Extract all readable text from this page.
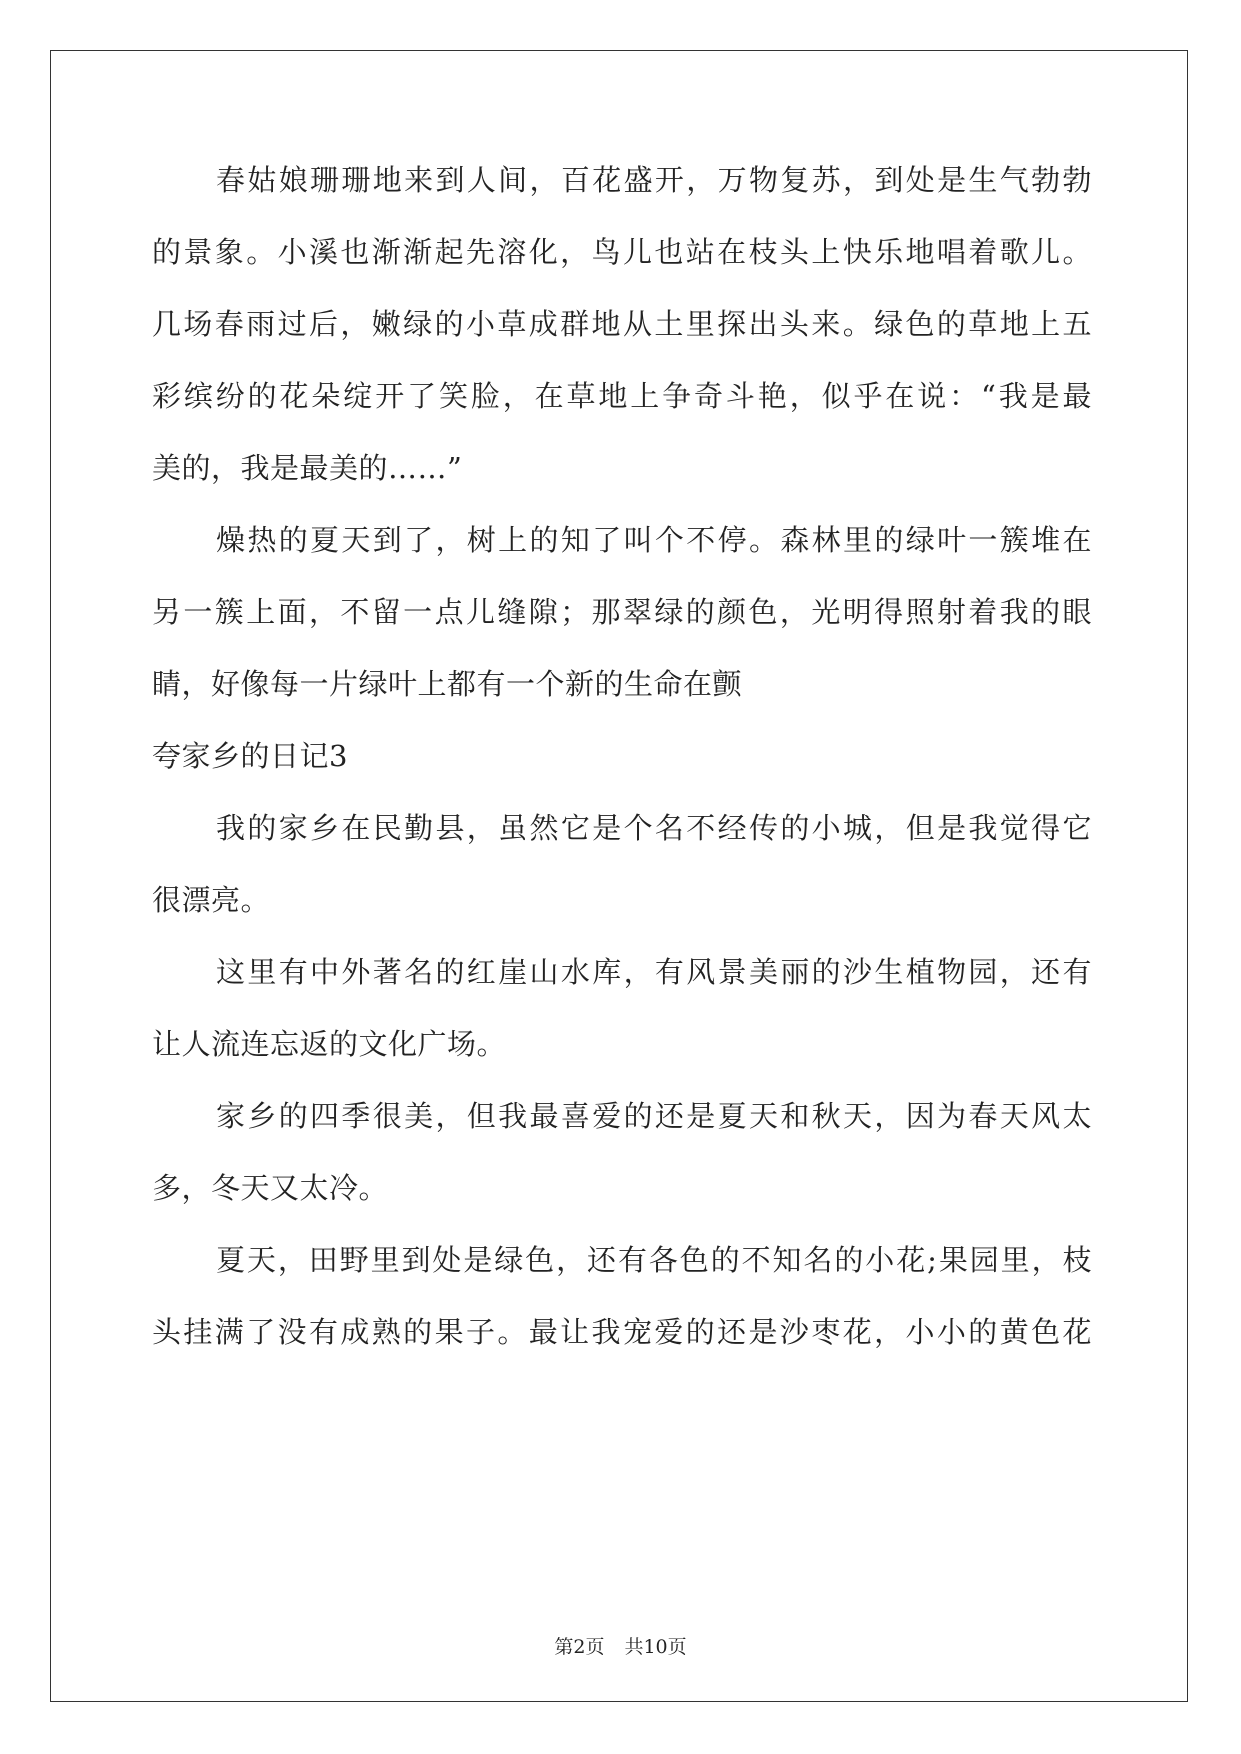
春姑娘珊珊地来到人间，百花盛开，万物复苏，到处是生气勃勃
的景象。小溪也渐渐起先溶化，鸟儿也站在枝头上快乐地唱着歌儿。
几场春雨过后，嫩绿的小草成群地从土里探出头来。绿色的草地上五
彩缤纷的花朵绽开了笑脸，在草地上争奇斗艳，似乎在说：“我是最
美的，我是最美的……”
燥热的夏天到了，树上的知了叫个不停。森林里的绿叶一簇堆在
另一簇上面，不留一点儿缝隙；那翠绿的颜色，光明得照射着我的眼
睛，好像每一片绿叶上都有一个新的生命在颤
夸家乡的日记3
我的家乡在民勤县，虽然它是个名不经传的小城，但是我觉得它
很漂亮。
这里有中外著名的红崖山水库，有风景美丽的沙生植物园，还有
让人流连忘返的文化广场。
家乡的四季很美，但我最喜爱的还是夏天和秋天，因为春天风太
多，冬天又太冷。
夏天，田野里到处是绿色，还有各色的不知名的小花;果园里，枝
头挂满了没有成熟的果子。最让我宠爱的还是沙枣花，小小的黄色花
第2页 共10页
